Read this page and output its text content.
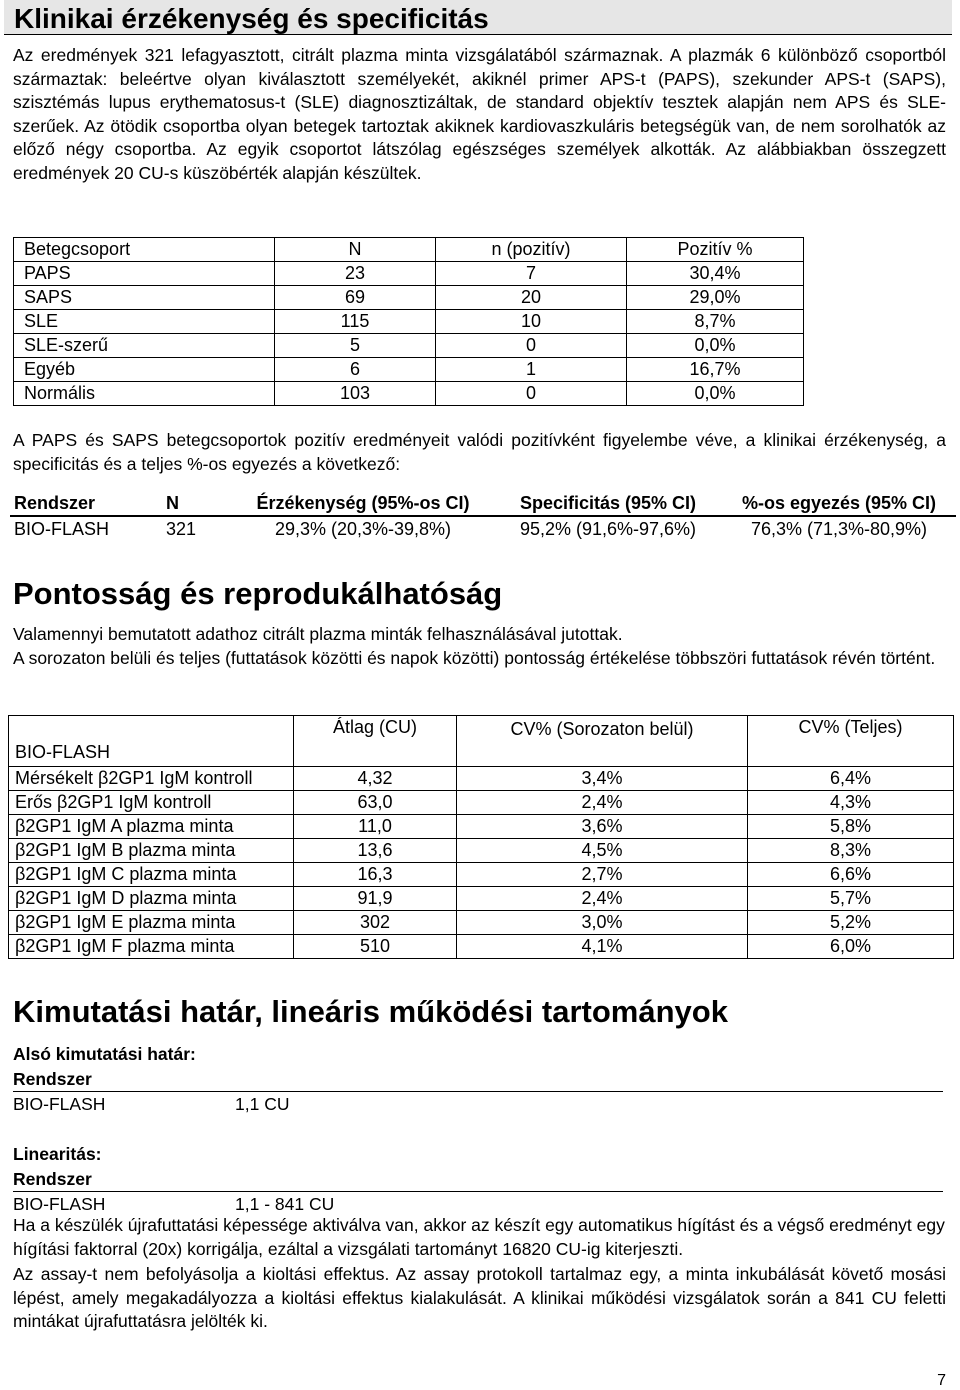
Klinikai érzékenység és specificitás
Az eredmények 321 lefagyasztott, citrált plazma minta vizsgálatából származnak. A plazmák 6 különböző csoportból származtak: beleértve olyan kiválasztott személyekét, akiknél primer APS-t (PAPS), szekunder APS-t (SAPS), szisztémás lupus erythematosus-t (SLE) diagnosztizáltak, de standard objektív tesztek alapján nem APS és SLE-szerűek. Az ötödik csoportba olyan betegek tartoztak akiknek kardiovaszkuláris betegségük van, de nem sorolhatók az előző négy csoportba. Az egyik csoportot látszólag egészséges személyek alkották. Az alábbiakban összegzett eredmények 20 CU-s küszöbérték alapján készültek.
Betegcsoport	N	n (pozitív)	Pozitív %
PAPS	23	7	30,4%
SAPS	69	20	29,0%
SLE	115	10	8,7%
SLE-szerű	5	0	0,0%
Egyéb	6	1	16,7%
Normális	103	0	0,0%
A PAPS és SAPS betegcsoportok pozitív eredményeit valódi pozitívként figyelembe véve, a klinikai érzékenység, a specificitás és a teljes %-os egyezés a következő:
Rendszer	N	Érzékenység (95%-os CI)	Specificitás (95% CI)	%-os egyezés (95% CI)
BIO-FLASH	321	29,3% (20,3%-39,8%)	95,2% (91,6%-97,6%)	76,3% (71,3%-80,9%)
Pontosság és reprodukálhatóság
Valamennyi bemutatott adathoz citrált plazma minták felhasználásával jutottak.
A sorozaton belüli és teljes (futtatások közötti és napok közötti) pontosság értékelése többszöri futtatások révén történt.
BIO-FLASH	Átlag (CU)	CV% (Sorozaton belül)	CV% (Teljes)
Mérsékelt β2GP1 IgM kontroll	4,32	3,4%	6,4%
Erős β2GP1 IgM kontroll	63,0	2,4%	4,3%
β2GP1 IgM A plazma minta	11,0	3,6%	5,8%
β2GP1 IgM B plazma minta	13,6	4,5%	8,3%
β2GP1 IgM C plazma minta	16,3	2,7%	6,6%
β2GP1 IgM D plazma minta	91,9	2,4%	5,7%
β2GP1 IgM E plazma minta	302	3,0%	5,2%
β2GP1 IgM F plazma minta	510	4,1%	6,0%
Kimutatási határ, lineáris működési tartományok
Alsó kimutatási határ:
Rendszer
BIO-FLASH	1,1 CU
Linearitás:
Rendszer
BIO-FLASH	1,1 - 841 CU
Ha a készülék újrafuttatási képessége aktiválva van, akkor az készít egy automatikus hígítást és a végső eredményt egy hígítási faktorral (20x) korrigálja, ezáltal a vizsgálati tartományt 16820 CU-ig kiterjeszti.
Az assay-t nem befolyásolja a kioltási effektus. Az assay protokoll tartalmaz egy, a minta inkubálását követő mosási lépést, amely megakadályozza a kioltási effektus kialakulását. A klinikai működési vizsgálatok során a 841 CU feletti mintákat újrafuttatásra jelölték ki.
7
